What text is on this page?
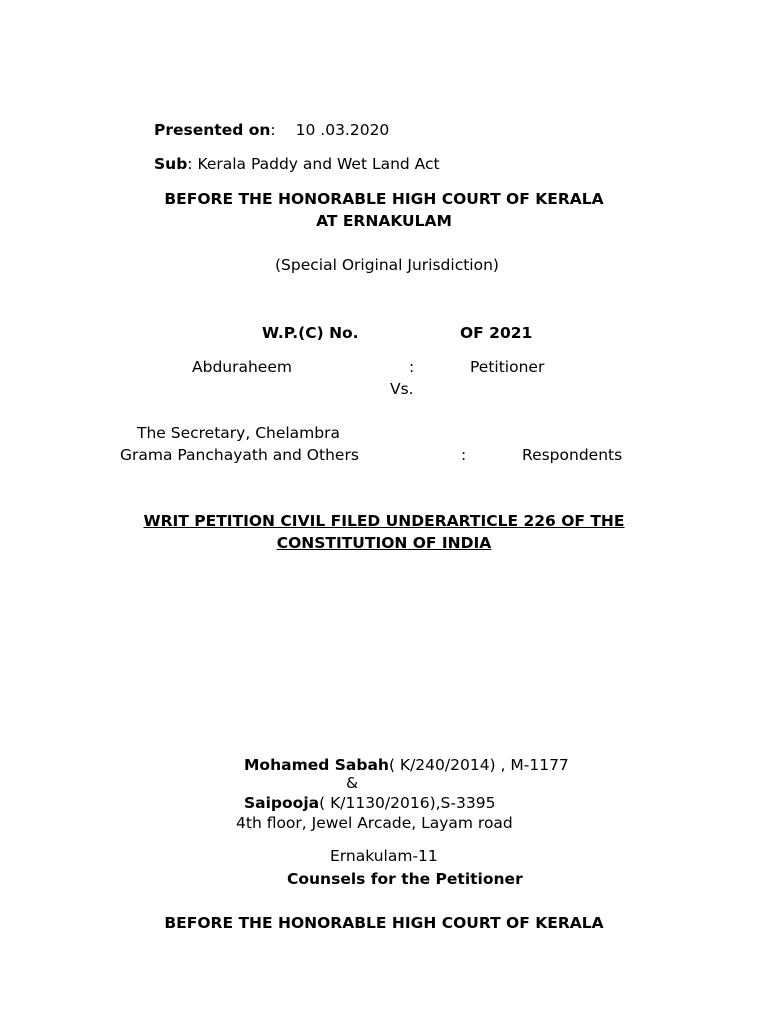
Presented on: 10 .03.2020
Sub: Kerala Paddy and Wet Land Act
BEFORE THE HONORABLE HIGH COURT OF KERALA
AT ERNAKULAM
(Special Original Jurisdiction)
W.P.(C) No.	OF 2021
Abduraheem	:	Petitioner
Vs.
The Secretary, Chelambra
Grama Panchayath and Others	:	Respondents
WRIT PETITION CIVIL FILED UNDERARTICLE 226 OF THE
CONSTITUTION OF INDIA
Mohamed Sabah( K/240/2014) , M-1177
&
Saipooja( K/1130/2016),S-3395
4th floor, Jewel Arcade, Layam road
Ernakulam-11
Counsels for the Petitioner
BEFORE THE HONORABLE HIGH COURT OF KERALA
